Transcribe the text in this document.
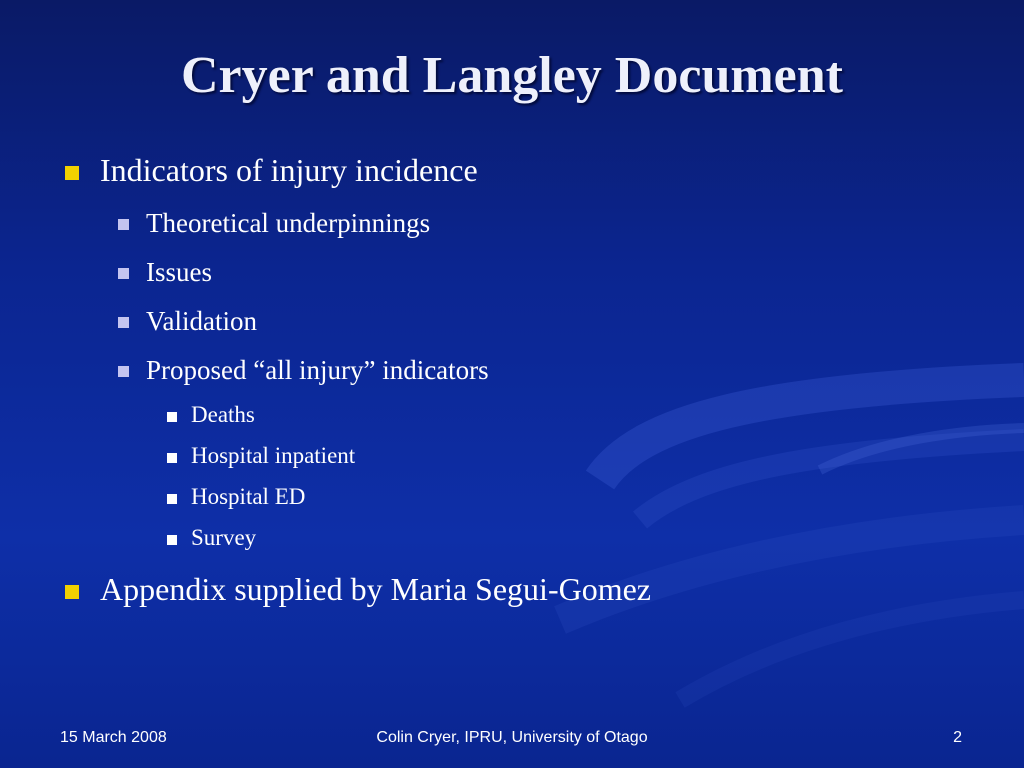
Cryer and Langley Document
Indicators of injury incidence
Theoretical underpinnings
Issues
Validation
Proposed “all injury” indicators
Deaths
Hospital inpatient
Hospital ED
Survey
Appendix supplied by Maria Segui-Gomez
15 March 2008	Colin Cryer, IPRU, University of Otago	2
